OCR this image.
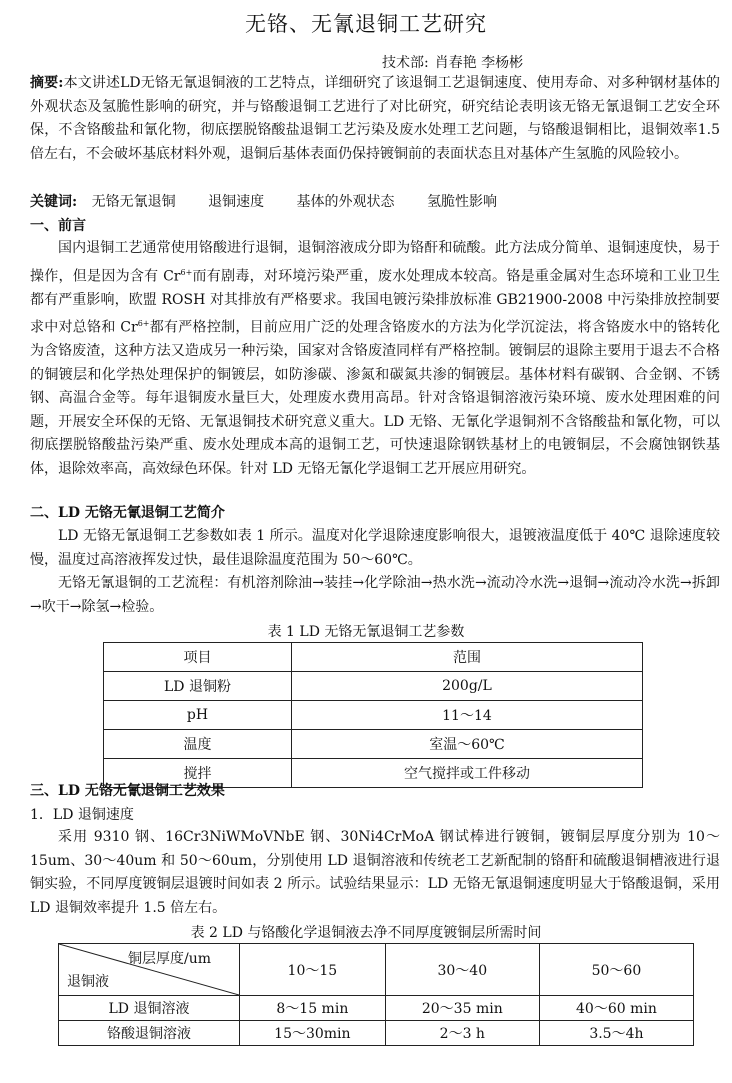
无铬、无氰退铜工艺研究
技术部: 肖春艳 李杨彬
摘要:本文讲述LD无铬无氰退铜液的工艺特点，详细研究了该退铜工艺退铜速度、使用寿命、对多种钢材基体的外观状态及氢脆性影响的研究，并与铬酸退铜工艺进行了对比研究，研究结论表明该无铬无氰退铜工艺安全环保，不含铬酸盐和氰化物，彻底摆脱铬酸盐退铜工艺污染及废水处理工艺问题，与铬酸退铜相比，退铜效率1.5倍左右，不会破坏基底材料外观，退铜后基体表面仍保持镀铜前的表面状态且对基体产生氢脆的风险较小。
关键词: 无铬无氰退铜 退铜速度 基体的外观状态 氢脆性影响
一、前言
国内退铜工艺通常使用铬酸进行退铜，退铜溶液成分即为铬酐和硫酸。此方法成分简单、退铜速度快，易于操作，但是因为含有 $Cr^{6+}$而有剧毒，对环境污染严重，废水处理成本较高。铬是重金属对生态环境和工业卫生都有严重影响，欧盟 ROSH 对其排放有严格要求。我国电镀污染排放标准 GB21900-2008 中污染排放控制要求中对总铬和 $Cr^{6+}$都有严格控制，目前应用广泛的处理含铬废水的方法为化学沉淀法，将含铬废水中的铬转化为含铬废渣，这种方法又造成另一种污染，国家对含铬废渣同样有严格控制。镀铜层的退除主要用于退去不合格的铜镀层和化学热处理保护的铜镀层，如防渗碳、渗氮和碳氮共渗的铜镀层。基体材料有碳钢、合金钢、不锈钢、高温合金等。每年退铜废水量巨大，处理废水费用高昂。针对含铬退铜溶液污染环境、废水处理困难的问题，开展安全环保的无铬、无氰退铜技术研究意义重大。LD 无铬、无氰化学退铜剂不含铬酸盐和氰化物，可以彻底摆脱铬酸盐污染严重、废水处理成本高的退铜工艺，可快速退除钢铁基材上的电镀铜层，不会腐蚀钢铁基体，退除效率高，高效绿色环保。针对 LD 无铬无氰化学退铜工艺开展应用研究。
二、LD 无铬无氰退铜工艺简介
LD 无铬无氰退铜工艺参数如表 1 所示。温度对化学退除速度影响很大，退镀液温度低于 40℃ 退除速度较慢，温度过高溶液挥发过快，最佳退除温度范围为 50～60℃。
无铬无氰退铜的工艺流程：有机溶剂除油→装挂→化学除油→热水洗→流动冷水洗→退铜→流动冷水洗→拆卸→吹干→除氢→检验。
表 1 LD 无铬无氰退铜工艺参数
项目	范围
LD 退铜粉	200g/L
pH	11～14
温度	室温～60℃
搅拌	空气搅拌或工件移动
三、LD 无铬无氰退铜工艺效果
1．LD 退铜速度
采用 9310 钢、16Cr3NiWMoVNbE 钢、30Ni4CrMoA 钢试棒进行镀铜，镀铜层厚度分别为 10～15um、30～40um 和 50～60um，分别使用 LD 退铜溶液和传统老工艺新配制的铬酐和硫酸退铜槽液进行退铜实验，不同厚度镀铜层退镀时间如表 2 所示。试验结果显示：LD 无铬无氰退铜速度明显大于铬酸退铜，采用 LD 退铜效率提升 1.5 倍左右。
表 2 LD 与铬酸化学退铜液去净不同厚度镀铜层所需时间
铜层厚度/um
退铜液	10～15	30～40	50～60
LD 退铜溶液	8～15 min	20～35 min	40～60 min
铬酸退铜溶液	15～30min	2～3 h	3.5～4h
